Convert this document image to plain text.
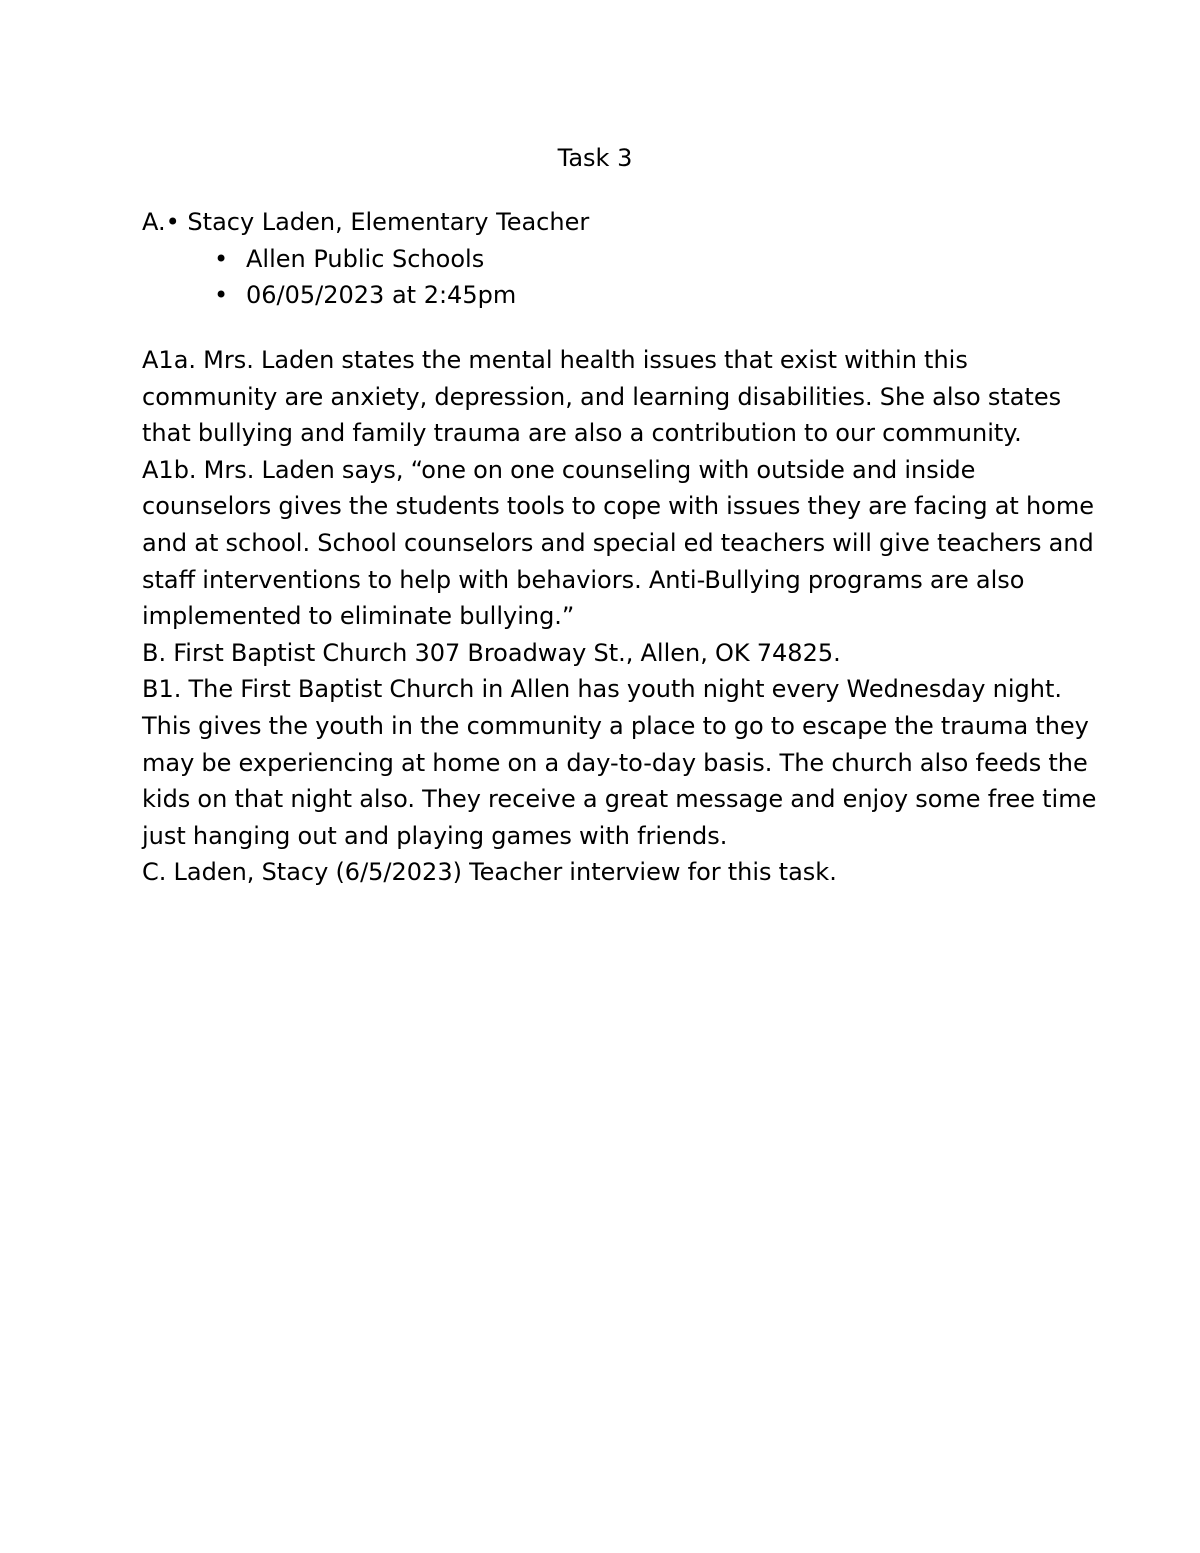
Task 3
A.• Stacy Laden, Elementary Teacher
• Allen Public Schools
• 06/05/2023 at 2:45pm

A1a. Mrs. Laden states the mental health issues that exist within this community are anxiety, depression, and learning disabilities. She also states that bullying and family trauma are also a contribution to our community.

A1b. Mrs. Laden says, “one on one counseling with outside and inside counselors gives the students tools to cope with issues they are facing at home and at school. School counselors and special ed teachers will give teachers and staff interventions to help with behaviors. Anti-Bullying programs are also implemented to eliminate bullying.”

B. First Baptist Church 307 Broadway St., Allen, OK 74825.

B1. The First Baptist Church in Allen has youth night every Wednesday night. This gives the youth in the community a place to go to escape the trauma they may be experiencing at home on a day-to-day basis. The church also feeds the kids on that night also. They receive a great message and enjoy some free time just hanging out and playing games with friends.

C. Laden, Stacy (6/5/2023) Teacher interview for this task.
